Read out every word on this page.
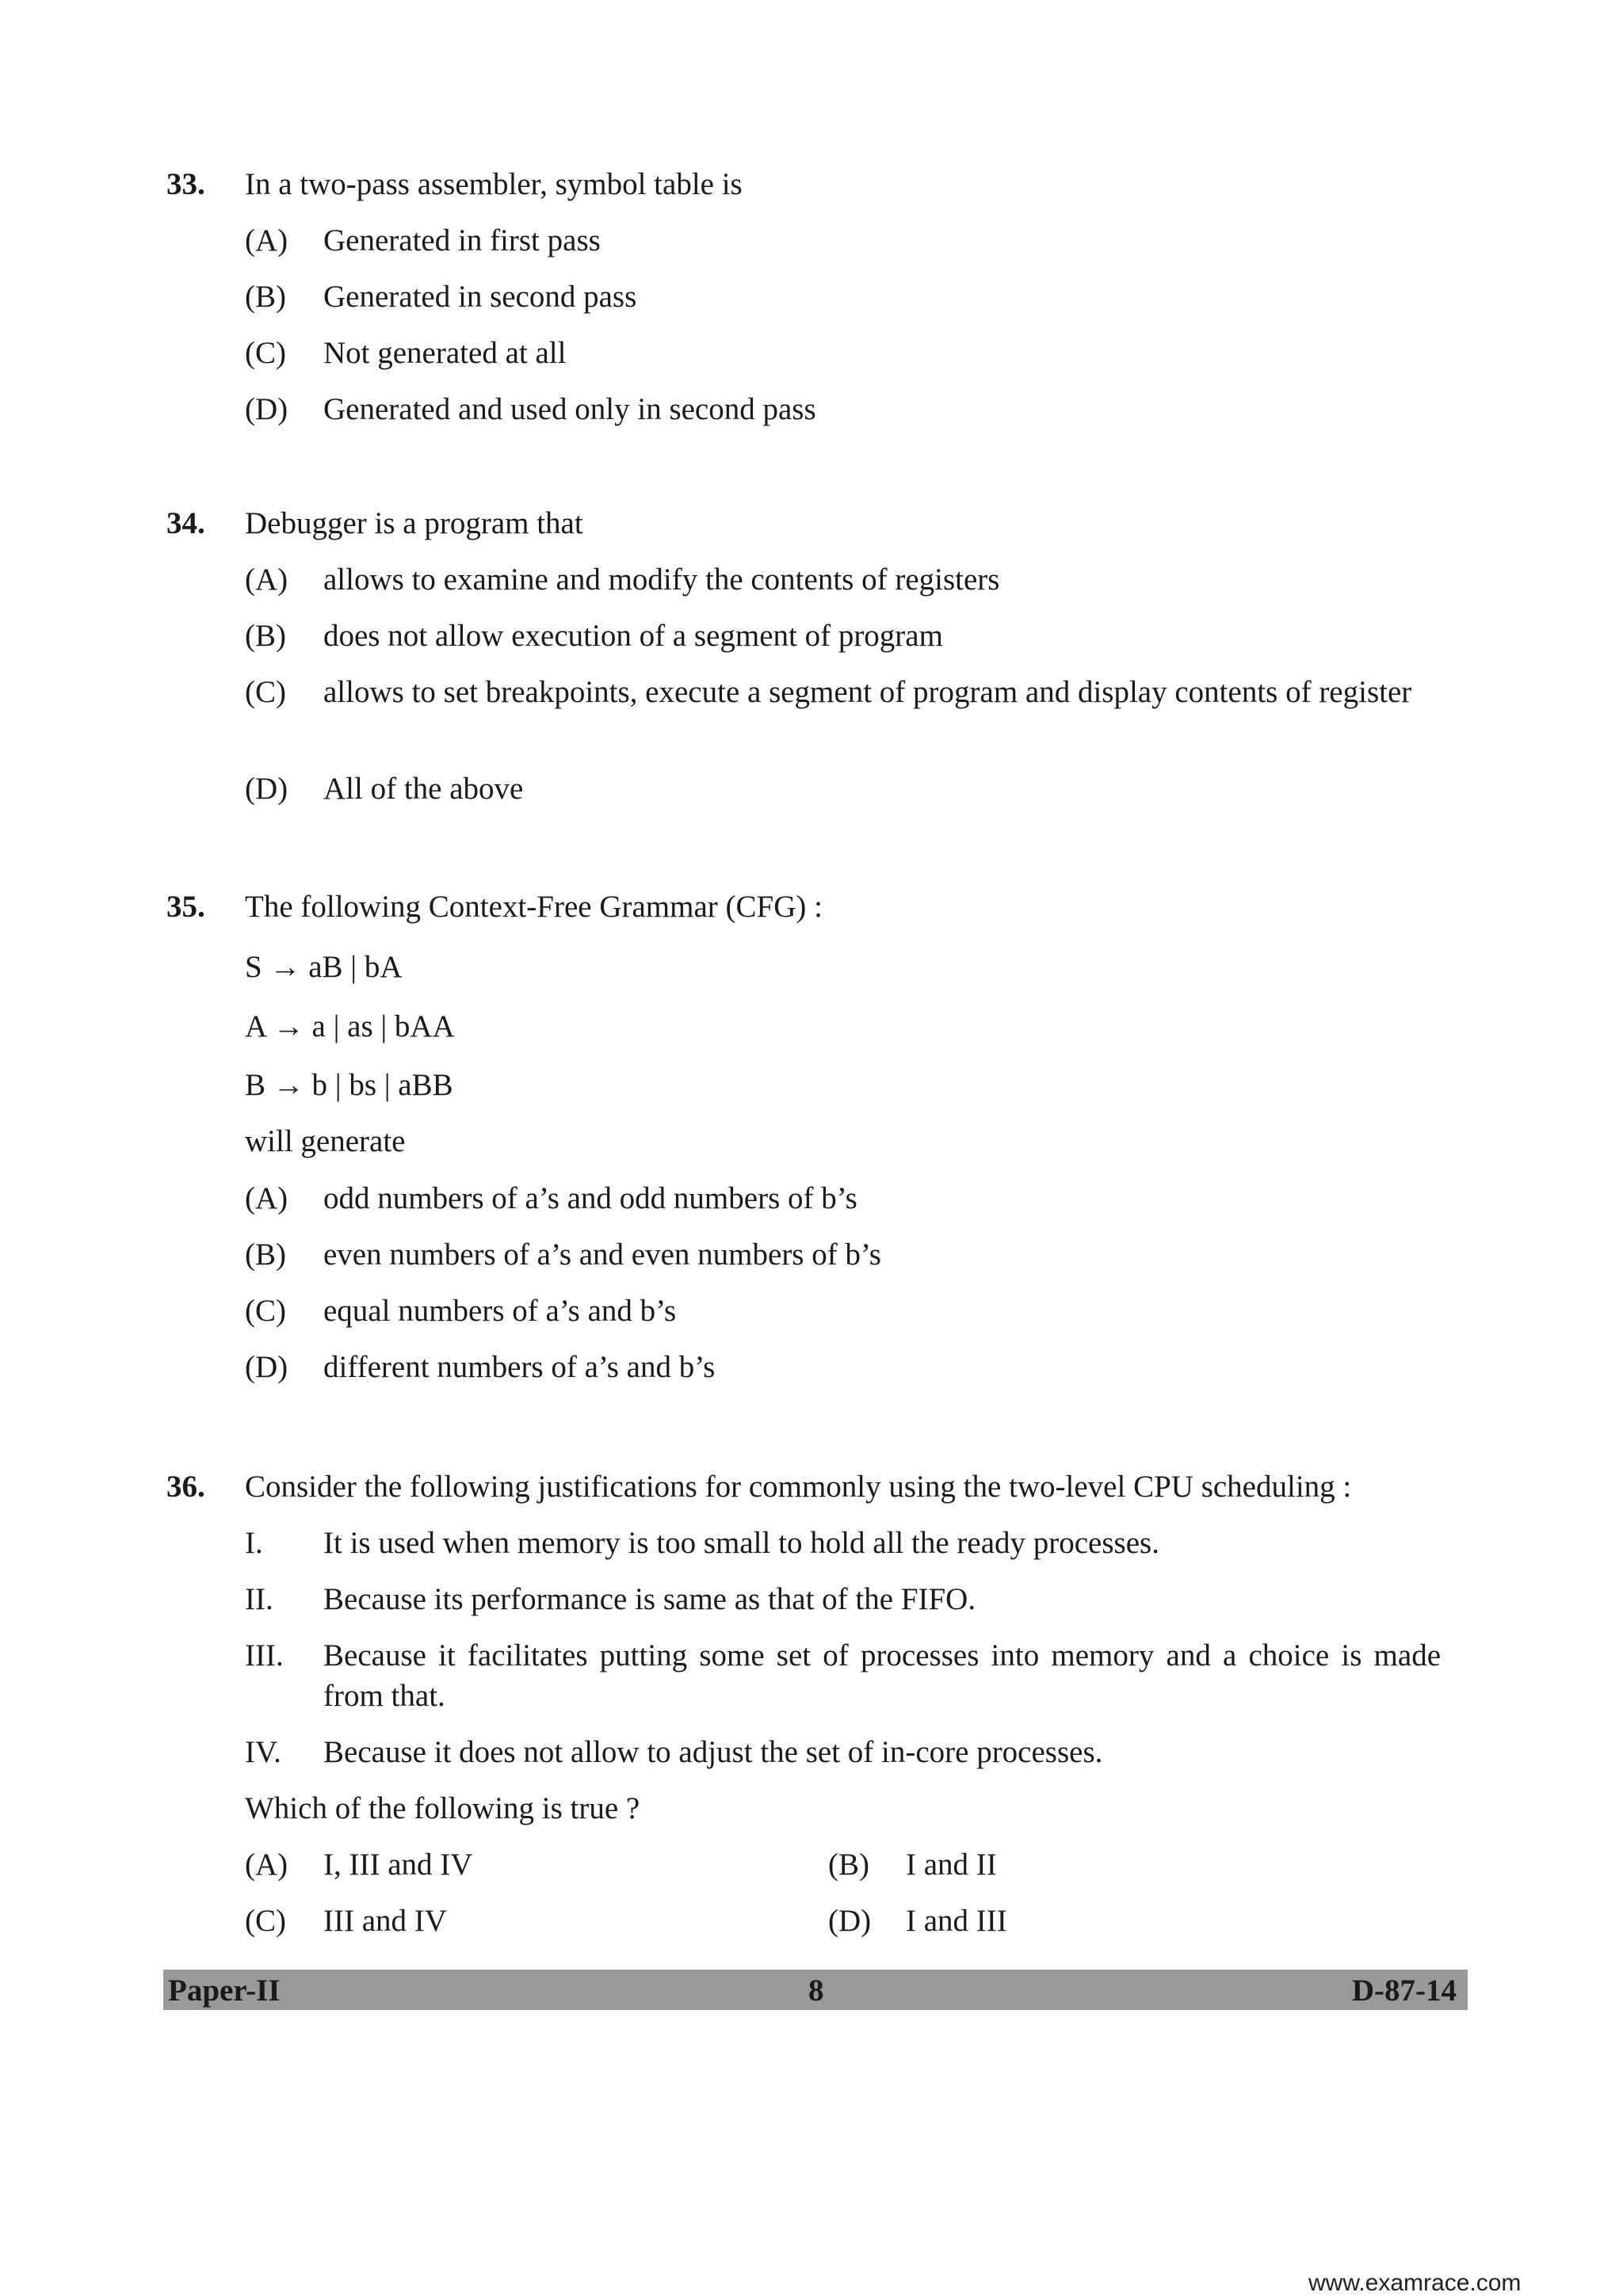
33. In a two-pass assembler, symbol table is
(A) Generated in first pass
(B) Generated in second pass
(C) Not generated at all
(D) Generated and used only in second pass
34. Debugger is a program that
(A) allows to examine and modify the contents of registers
(B) does not allow execution of a segment of program
(C) allows to set breakpoints, execute a segment of program and display contents of register
(D) All of the above
35. The following Context-Free Grammar (CFG) :
S → aB | bA
A → a | as | bAA
B → b | bs | aBB
will generate
(A) odd numbers of a’s and odd numbers of b’s
(B) even numbers of a’s and even numbers of b’s
(C) equal numbers of a’s and b’s
(D) different numbers of a’s and b’s
36. Consider the following justifications for commonly using the two-level CPU scheduling :
I. It is used when memory is too small to hold all the ready processes.
II. Because its performance is same as that of the FIFO.
III. Because it facilitates putting some set of processes into memory and a choice is made from that.
IV. Because it does not allow to adjust the set of in-core processes.
Which of the following is true ?
(A) I, III and IV	(B) I and II
(C) III and IV	(D) I and III
Paper-II	8	D-87-14
www.examrace.com
